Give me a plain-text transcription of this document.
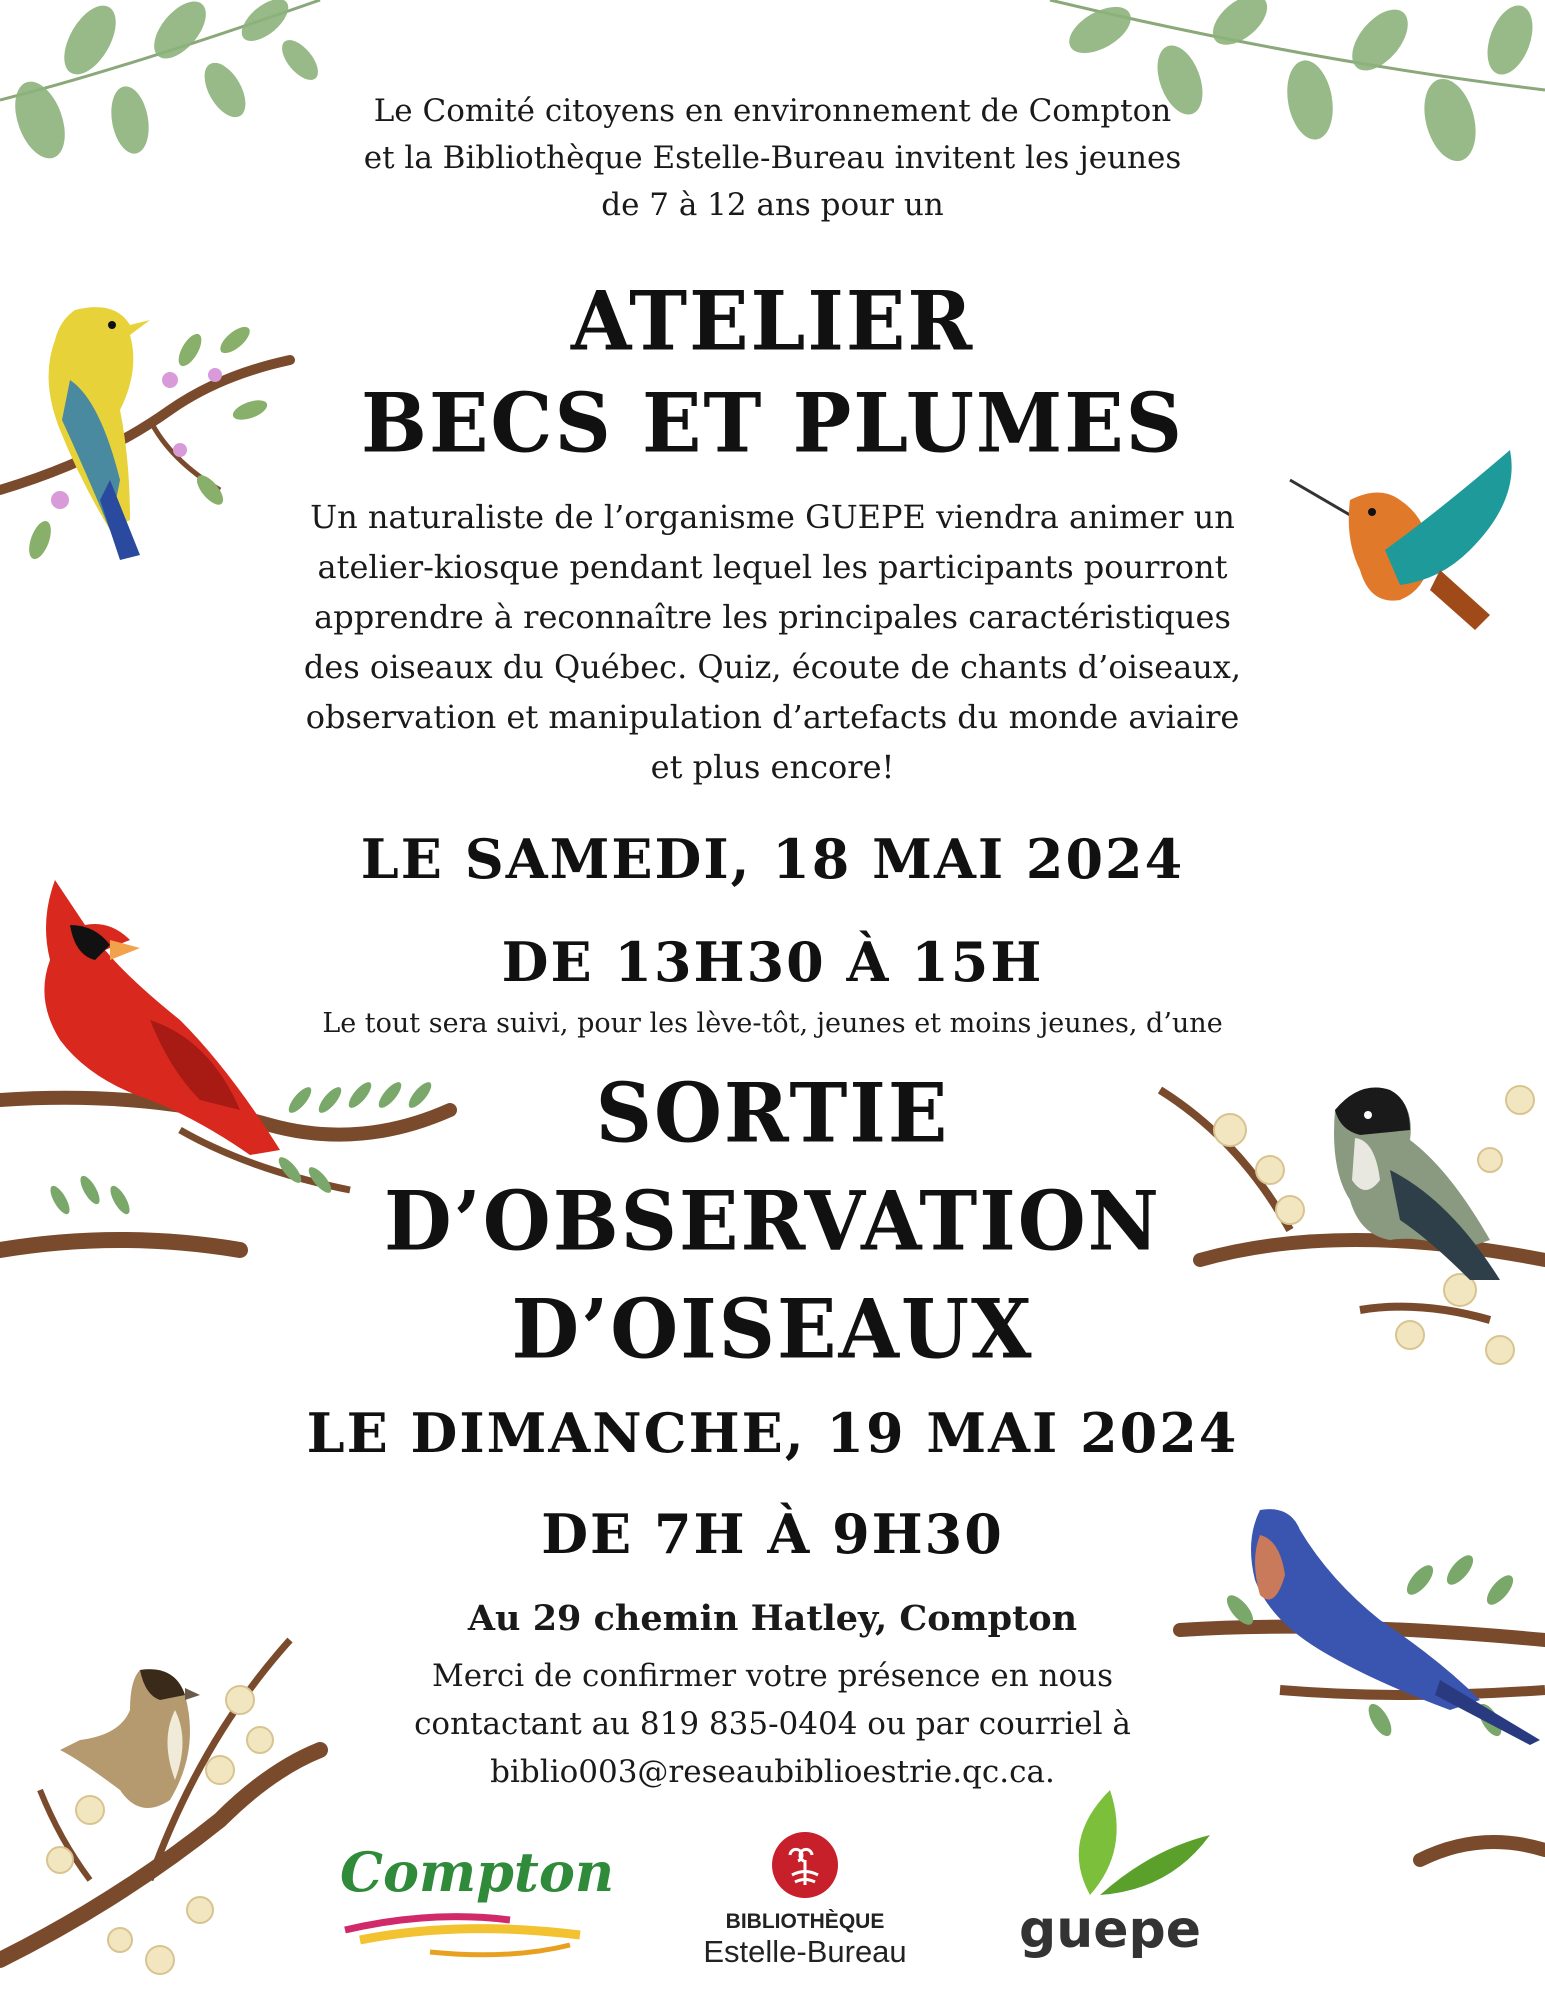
Le Comité citoyens en environnement de Compton
et la Bibliothèque Estelle-Bureau invitent les jeunes
de 7 à 12 ans pour un
ATELIER
BECS ET PLUMES
Un naturaliste de l’organisme GUEPE viendra animer un
atelier-kiosque pendant lequel les participants pourront
apprendre à reconnaître les principales caractéristiques
des oiseaux du Québec. Quiz, écoute de chants d’oiseaux,
observation et manipulation d’artefacts du monde aviaire
et plus encore!
LE SAMEDI, 18 MAI 2024
DE 13H30 À 15H
Le tout sera suivi, pour les lève-tôt, jeunes et moins jeunes, d’une
SORTIE
D’OBSERVATION
D’OISEAUX
LE DIMANCHE, 19 MAI 2024
DE 7H À 9H30
Au 29 chemin Hatley, Compton
Merci de confirmer votre présence en nous
contactant au 819 835-0404 ou par courriel à
biblio003@reseaubiblioestrie.qc.ca.
Compton
BIBLIOTHÈQUE
Estelle-Bureau guepe
